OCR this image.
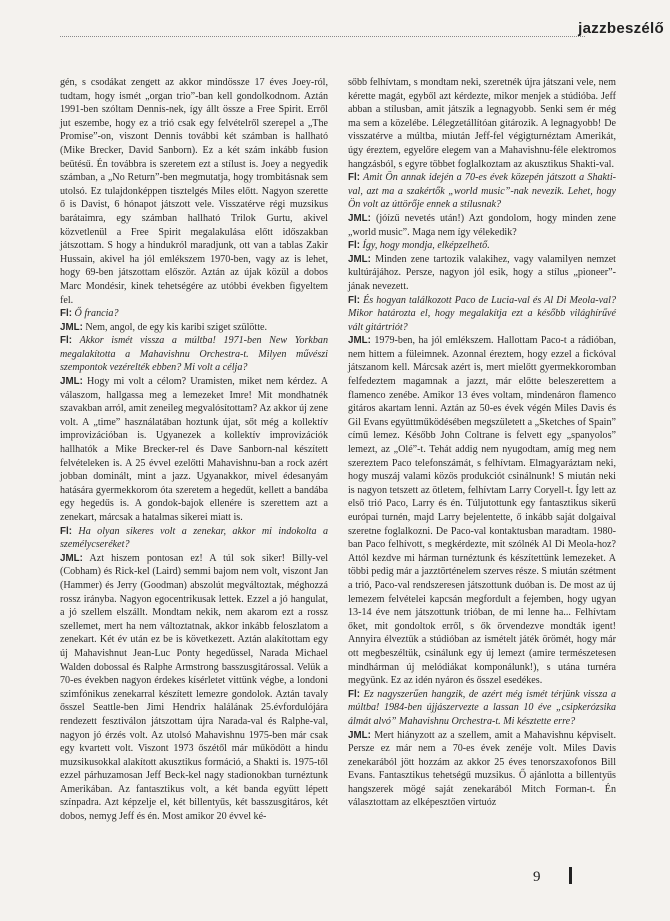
jazzbeszélő

gén, s csodákat zengett az akkor mindössze 17 éves Joey-ról, tudtam, hogy ismét „organ trio”-ban kell gondolkodnom. Aztán 1991-ben szóltam Dennis-nek, így állt össze a Free Spirit. Erről jut eszembe, hogy ez a trió csak egy felvételről szerepel a „The Promise”-on, viszont Dennis további két számban is hallható (Mike Brecker, David Sanborn). Ez a két szám inkább fusion beütésű. Én továbbra is szeretem ezt a stílust is. Joey a negyedik számban, a „No Return”-ben megmutatja, hogy trombitásnak sem utolsó. Ez tulajdonképpen tisztelgés Miles előtt. Nagyon szerette ő is Davist, 6 hónapot játszott vele. Visszatérve régi muzsikus barátaimra, egy számban hallható Trilok Gurtu, akivel közvetlenül a Free Spirit megalakulása előtt időszakban játszottam. S hogy a hindukról maradjunk, ott van a tablas Zakir Hussain, akivel ha jól emlékszem 1970-ben, vagy az is lehet, hogy 69-ben játszottam először. Aztán az újak közül a dobos Marc Mondésir, kinek tehetségére az utóbbi években figyeltem fel.

Fl: Ő francia?

JML: Nem, angol, de egy kis karibi sziget szülötte.

Fl: Akkor ismét vissza a múltba! 1971-ben New Yorkban megalakította a Mahavishnu Orchestra-t. Milyen művészi szempontok vezérelték ebben? Mi volt a célja?

JML: Hogy mi volt a célom? Uramisten, miket nem kérdez. A válaszom, hallgassa meg a lemezeket Imre! Mit mondhatnék szavakban arról, amit zeneileg megvalósítottam? Az akkor új zene volt. A „time” használatában hoztunk újat, sőt még a kollektív improvizációban is. Ugyanezek a kollektív improvizációk hallhatók a Mike Brecker-rel és Dave Sanborn-nal készített felvételeken is. A 25 évvel ezelőtti Mahavishnu-ban a rock azért jobban dominált, mint a jazz. Ugyanakkor, mivel édesanyám hatására gyermekkorom óta szeretem a hegedűt, kellett a bandába egy hegedűs is. A gondok-bajok ellenére is szerettem azt a zenekart, márcsak a hatalmas sikerei miatt is.

Fl: Ha olyan sikeres volt a zenekar, akkor mi indokolta a személycseréket?

JML: Azt hiszem pontosan ez! A túl sok siker! Billy-vel (Cobham) és Rick-kel (Laird) semmi bajom nem volt, viszont Jan (Hammer) és Jerry (Goodman) abszolút megváltoztak, méghozzá rossz irányba. Nagyon egocentrikusak lettek. Ezzel a jó hangulat, a jó szellem elszállt. Mondtam nekik, nem akarom ezt a rossz szellemet, mert ha nem változtatnak, akkor inkább feloszlatom a zenekart. Két év után ez be is következett. Aztán alakítottam egy új Mahavishnut Jean-Luc Ponty hegedűssel, Narada Michael Walden dobossal és Ralphe Armstrong basszusgitárossal. Velük a 70-es években nagyon érdekes kísérletet vittünk végbe, a londoni szimfónikus zenekarral készített lemezre gondolok. Aztán tavaly ősszel Seattle-ben Jimi Hendrix halálának 25.évfordulójára rendezett fesztiválon játszottam újra Narada-val és Ralphe-val, nagyon jó érzés volt. Az utolsó Mahavishnu 1975-ben már csak egy kvartett volt. Viszont 1973 őszétől már működött a hindu muzsikusokkal alakított akusztikus formáció, a Shakti is. 1975-től ezzel párhuzamosan Jeff Beck-kel nagy stadionokban turnéztunk Amerikában. Az fantasztikus volt, a két banda együtt lépett színpadra. Azt képzelje el, két billentyűs, két basszusgitáros, két dobos, nemyg Jeff és én. Most amikor 20 évvel ké-

sőbb felhívtam, s mondtam neki, szeretnék újra játszani vele, nem kérette magát, egyből azt kérdezte, mikor menjek a stúdióba. Jeff abban a stílusban, amit játszik a legnagyobb. Senki sem ér még ma sem a közelébe. Lélegzetállítóan gitározik. A legnagyobb! De visszatérve a múltba, miután Jeff-fel végigturnéztam Amerikát, úgy éreztem, egyelőre elegem van a Mahavishnu-féle elektromos hangzásból, s egyre többet foglalkoztam az akusztikus Shakti-val.

Fl: Amit Ön annak idején a 70-es évek közepén játszott a Shakti-val, azt ma a szakértők „world music”-nak nevezik. Lehet, hogy Ön volt az úttörője ennek a stílusnak?

JML: (jóízű nevetés után!) Azt gondolom, hogy minden zene „world music”. Maga nem így vélekedik?

Fl: Így, hogy mondja, elképzelhető.

JML: Minden zene tartozik valakihez, vagy valamilyen nemzet kultúrájához. Persze, nagyon jól esik, hogy a stílus „pioneer”-jának nevezett.

Fl: És hogyan találkozott Paco de Lucia-val és Al Di Meola-val? Mikor határozta el, hogy megalakítja ezt a később világhírűvé vált gitártriót?

JML: 1979-ben, ha jól emlékszem. Hallottam Paco-t a rádióban, nem hittem a füleimnek. Azonnal éreztem, hogy ezzel a fickóval játszanom kell. Márcsak azért is, mert mielőtt gyermekkoromban felfedeztem magamnak a jazzt, már előtte beleszerettem a flamenco zenébe. Amikor 13 éves voltam, mindenáron flamenco gitáros akartam lenni. Aztán az 50-es évek végén Miles Davis és Gil Evans együttműködésében megszületett a „Sketches of Spain” című lemez. Később John Coltrane is felvett egy „spanyolos” lemezt, az „Olé”-t. Tehát addig nem nyugodtam, amíg meg nem szereztem Paco telefonszámát, s felhívtam. Elmagyaráztam neki, hogy muszáj valami közös produkciót csinálnunk! S miután neki is nagyon tetszett az ötletem, felhívtam Larry Coryell-t. Így lett az első trió Paco, Larry és én. Túljutottunk egy fantasztikus sikerű európai turnén, majd Larry bejelentette, ő inkább saját dolgaival szeretne foglalkozni. De Paco-val kontaktusban maradtam. 1980-ban Paco felhívott, s megkérdezte, mit szólnék Al Di Meola-hoz? Attól kezdve mi hárman turnéztunk és készítettünk lemezeket. A többi pedig már a jazztörténelem szerves része. S miután szétment a trió, Paco-val rendszeresen játszottunk duóban is. De most az új lemezem felvételei kapcsán megfordult a fejemben, hogy ugyan 13-14 éve nem játszottunk trióban, de mi lenne ha... Felhívtam őket, mit gondoltok erről, s ők örvendezve mondták igent! Annyira élveztük a stúdióban az ismételt játék örömét, hogy már ott megbeszéltük, csinálunk egy új lemezt (amire természetesen mindhárman új melódiákat komponálunk!), s utána turnéra megyünk. Ez az idén nyáron és ősszel esedékes.

Fl: Ez nagyszerűen hangzik, de azért még ismét térjünk vissza a múltba! 1984-ben újjászervezte a lassan 10 éve „csipkerózsika álmát alvó” Mahavishnu Orchestra-t. Mi késztette erre?

JML: Mert hiányzott az a szellem, amit a Mahavishnu képviselt. Persze ez már nem a 70-es évek zenéje volt. Miles Davis zenekarából jött hozzám az akkor 25 éves tenorszaxofonos Bill Evans. Fantasztikus tehetségű muzsikus. Ő ajánlotta a billentyűs hangszerek mögé saját zenekarából Mitch Forman-t. Én választottam az elképesztően virtuóz

9
